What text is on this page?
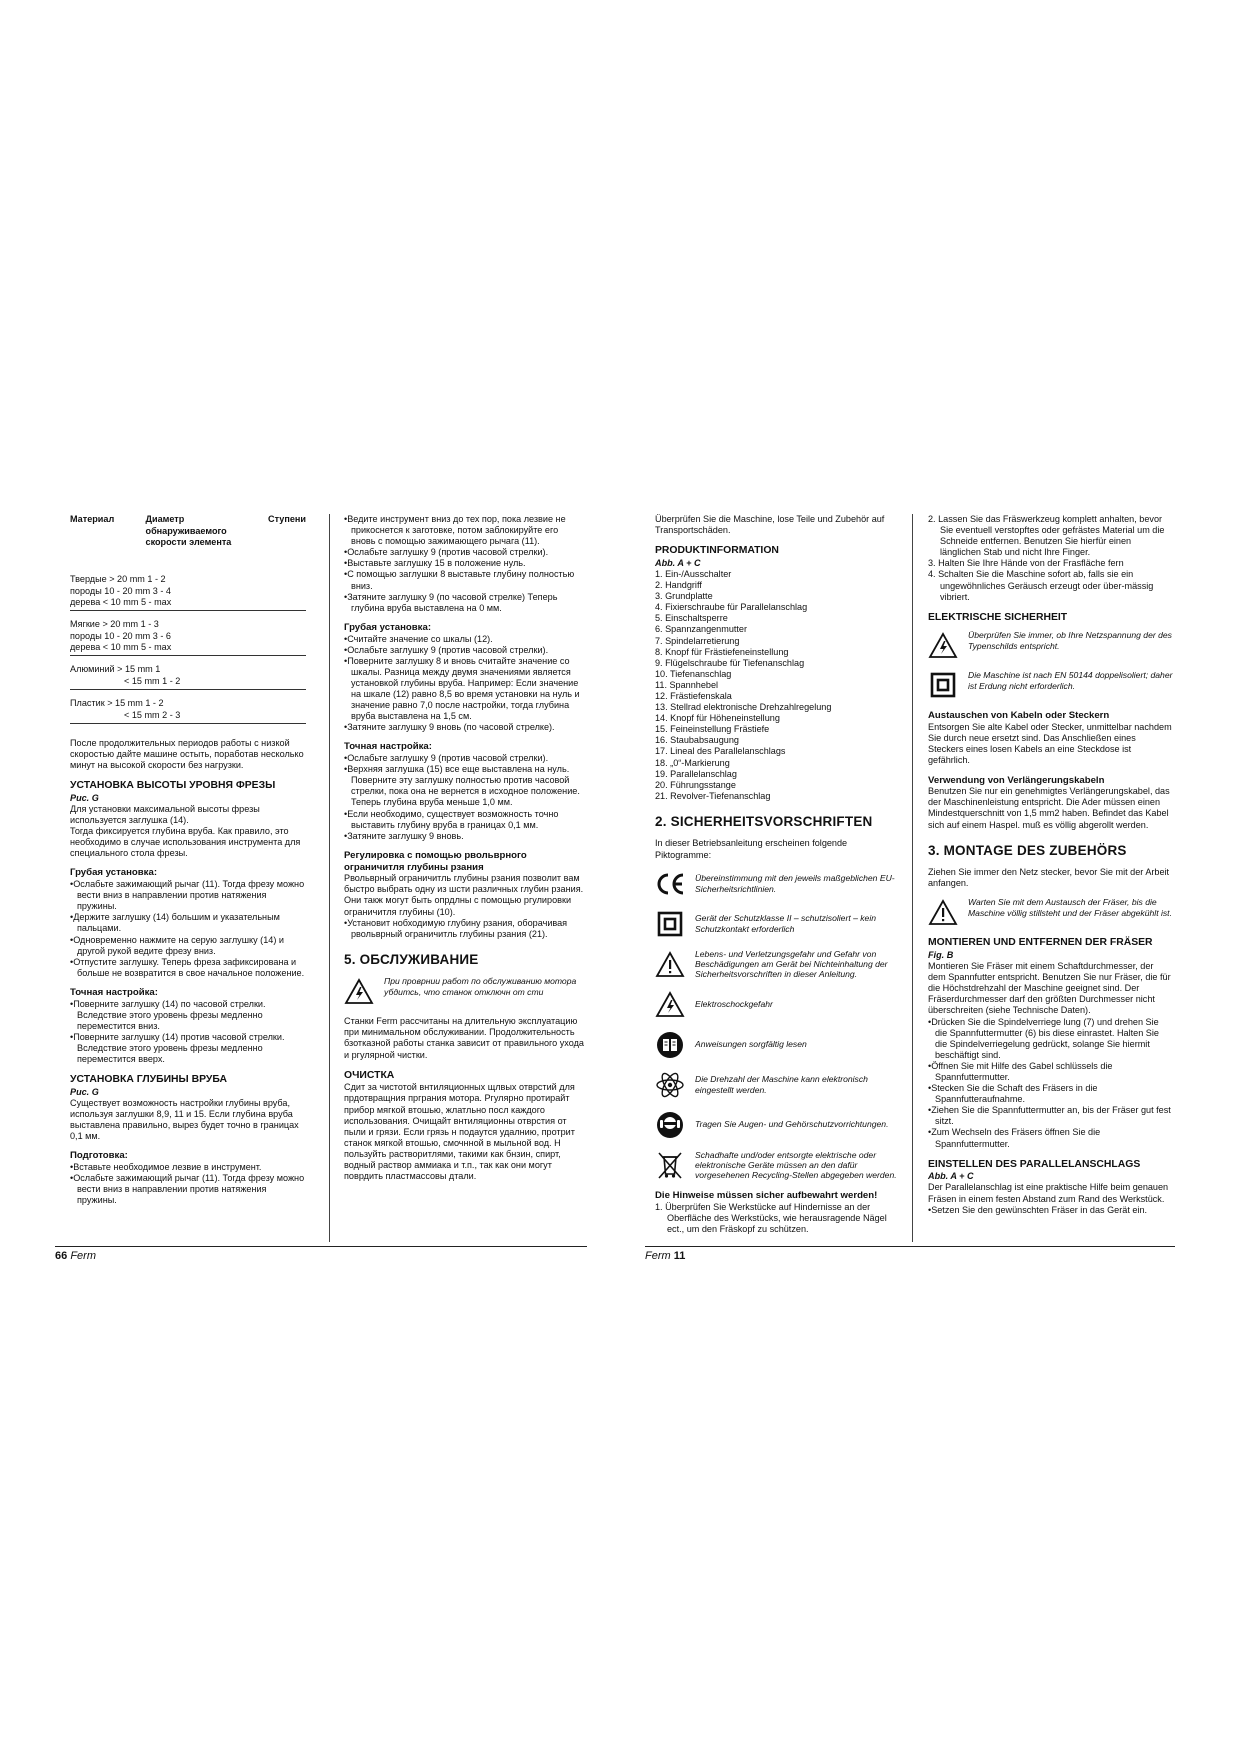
Материал	Диаметр

обнаруживаемого скорости элемента
	Ступени
Твердые > 20 mm 1 - 2
породы 10 - 20 mm 3 - 4
дерева < 10 mm 5 - max
Мягкие > 20 mm 1 - 3
породы 10 - 20 mm 3 - 6
дерева < 10 mm 5 - max
Алюминий > 15 mm 1
< 15 mm 1 - 2
Пластик > 15 mm 1 - 2
< 15 mm 2 - 3

После продолжительных периодов работы с низкой скоростью дайте машине остыть, поработав несколько минут на высокой скорости без нагрузки.

УСТАНОВКА ВЫСОТЫ УРОВНЯ ФРЕЗЫ
Рис. G
Для установки максимальной высоты фрезы используется заглушка (14).

Тогда фиксируется глубина вруба. Как правило, это необходимо в случае использования инструмента для специального стола фрезы.

Грубая установка:
• Ослабьте зажимающий рычаг (11). Тогда фрезу можно вести вниз в направлении против натяжения пружины.
• Держите заглушку (14) большим и указательным пальцами.
• Одновременно нажмите на серую заглушку (14) и другой рукой ведите фрезу вниз.
• Отпустите заглушку. Теперь фреза зафиксирована и больше не возвратится в свое начальное положение.
Точная настройка:
• Поверните заглушку (14) по часовой стрелки. Вследствие этого уровень фрезы медленно переместится вниз.
• Поверните заглушку (14) против часовой стрелки. Вследствие этого уровень фрезы медленно переместится вверх.
УСТАНОВКА ГЛУБИНЫ ВРУБА
Рис. G

Существует возможность настройки глубины вруба, используя заглушки 8,9, 11 и 15. Если глубина вруба выставлена правильно, вырез будет точно в границах 0,1 мм.

Подготовка:
• Вставьте необходимое лезвие в инструмент.
• Ослабьте зажимающий рычаг (11). Тогда фрезу можно вести вниз в направлении против натяжения пружины.
• Ведите инструмент вниз до тех пор, пока лезвие не прикоснется к заготовке, потом заблокируйте его вновь с помощью зажимающего рычага (11).
• Ослабьте заглушку 9 (против часовой стрелки).
• Выставьте заглушку 15 в положение нуль.
• С помощью заглушки 8 выставьте глубину полностью вниз.
• Затяните заглушку 9 (по часовой стрелке) Теперь глубина вруба выставлена на 0 мм.
Грубая установка:
• Считайте значение со шкалы (12).
• Ослабьте заглушку 9 (против часовой стрелки).
• Поверните заглушку 8 и вновь считайте значение со шкалы. Разница между двумя значениями является установкой глубины вруба. Например: Если значение на шкале (12) равно 8,5 во время установки на нуль и значение равно 7,0 после настройки, тогда глубина вруба выставлена на 1,5 см.
• Затяните заглушку 9 вновь (по часовой стрелке).
Точная настройка:
• Ослабьте заглушку 9 (против часовой стрелки).
• Верхняя заглушка (15) все еще выставлена на нуль. Поверните эту заглушку полностью против часовой стрелки, пока она не вернется в исходное положение. Теперь глубина вруба меньше 1,0 мм.
• Если необходимо, существует возможность точно выставить глубину вруба в границах 0,1 мм.
• Затяните заглушку 9 вновь.
Регулировка с помощью рвольврного ограничитля глубины рзания
Рвольврный ограничитль глубины рзания позволит вам быстро выбрать одну из шсти различных глубин рзания. Они такж могут быть опрдлны с помощью ргулировки ограничитля глубины (10).
• Установит нобходимую глубину рзания, оборачивая рвольврный ограничитль глубины рзания (21).
5. ОБСЛУЖИВАНИЕ
При проврнии работ по обслуживанию мотора убдитсь, что станок отключн от сти

Станки Ferm рассчитаны на длительную эксплуатацию при минимальном обслуживании. Продолжительность бзотказной работы станка зависит от правильного ухода и ргулярной чистки.

ОЧИСТКА

Сдит за чистотой внтиляционных щлвых отврстий для прдотвращния прграния мотора. Ргулярно протирайт прибор мягкой втошью, жлатльно посл каждого использования. Очищайт внтиляционны отврстия от пыли и грязи. Если грязь н подаутся удалнию, протрит станок мягкой втошью, смочнной в мыльной вод. Н пользуйть растворитлями, такими как бнзин, спирт, водный раствор аммиака и т.п., так как они могут поврдить пластмассовы дтали.

66 Ferm

Überprüfen Sie die Maschine, lose Teile und Zubehör auf Transportschäden.

PRODUKTINFORMATION
Abb. A + C
1. Ein-/Ausschalter
2. Handgriff
3. Grundplatte
4. Fixierschraube für Parallelanschlag
5. Einschaltsperre
6. Spannzangenmutter
7. Spindelarretierung
8. Knopf für Frästiefeneinstellung
9. Flügelschraube für Tiefenanschlag
10. Tiefenanschlag
11. Spannhebel
12. Frästiefenskala
13. Stellrad elektronische Drehzahlregelung
14. Knopf für Höheneinstellung
15. Feineinstellung Frästiefe
16. Staubabsaugung
17. Lineal des Parallelanschlags
18. „0“-Markierung
19. Parallelanschlag
20. Führungsstange
21. Revolver-Tiefenanschlag
2. SICHERHEITSVORSCHRIFTEN

In dieser Betriebsanleitung erscheinen folgende Piktogramme:

Übereinstimmung mit den jeweils maßgeblichen EU-Sicherheitsrichtlinien.
Gerät der Schutzklasse II – schutzisoliert – kein Schutzkontakt erforderlich
Lebens- und Verletzungsgefahr und Gefahr von Beschädigungen am Gerät bei Nichteinhaltung der Sicherheitsvorschriften in dieser Anleitung.
Elektroschockgefahr
Anweisungen sorgfältig lesen
Die Drehzahl der Maschine kann elektronisch eingestellt werden.
Tragen Sie Augen- und Gehörschutzvorrichtungen.
Schadhafte und/oder entsorgte elektrische oder elektronische Geräte müssen an den dafür vorgesehenen Recycling-Stellen abgegeben werden.
Die Hinweise müssen sicher aufbewahrt werden!
1. Überprüfen Sie Werkstücke auf Hindernisse an der Oberfläche des Werkstücks, wie herausragende Nägel ect., um den Fräskopf zu schützen.
2. Lassen Sie das Fräswerkzeug komplett anhalten, bevor Sie eventuell verstopftes oder gefrästes Material um die Schneide entfernen. Benutzen Sie hierfür einen länglichen Stab und nicht Ihre Finger.
3. Halten Sie Ihre Hände von der Frasfläche fern
4. Schalten Sie die Maschine sofort ab, falls sie ein ungewöhnliches Geräusch erzeugt oder über-mässig vibriert.
ELEKTRISCHE SICHERHEIT
Überprüfen Sie immer, ob Ihre Netzspannung der des Typenschilds entspricht.
Die Maschine ist nach EN 50144 doppelisoliert; daher ist Erdung nicht erforderlich.
Austauschen von Kabeln oder Steckern

Entsorgen Sie alte Kabel oder Stecker, unmittelbar nachdem Sie durch neue ersetzt sind. Das Anschließen eines Steckers eines losen Kabels an eine Steckdose ist gefährlich.

Verwendung von Verlängerungskabeln

Benutzen Sie nur ein genehmigtes Verlängerungskabel, das der Maschinenleistung entspricht. Die Ader müssen einen Mindestquerschnitt von 1,5 mm2 haben. Befindet das Kabel sich auf einem Haspel. muß es völlig abgerollt werden.

3. MONTAGE DES ZUBEHÖRS

Ziehen Sie immer den Netz stecker, bevor Sie mit der Arbeit anfangen.

Warten Sie mit dem Austausch der Fräser, bis die Maschine völlig stillsteht und der Fräser abgekühlt ist.
MONTIEREN UND ENTFERNEN DER FRÄSER
Fig. B
Montieren Sie Fräser mit einem Schaftdurchmesser, der dem Spannfutter entspricht. Benutzen Sie nur Fräser, die für die Höchstdrehzahl der Maschine geeignet sind. Der Fräserdurchmesser darf den größten Durchmesser nicht überschreiten (siehe Technische Daten).
• Drücken Sie die Spindelverriege lung (7) und drehen Sie die Spannfuttermutter (6) bis diese einrastet. Halten Sie die Spindelverriegelung gedrückt, solange Sie hiermit beschäftigt sind.
• Öffnen Sie mit Hilfe des Gabel schlüssels die Spannfuttermutter.
• Stecken Sie die Schaft des Fräsers in die Spannfutteraufnahme.
• Ziehen Sie die Spannfuttermutter an, bis der Fräser gut fest sitzt.
• Zum Wechseln des Fräsers öffnen Sie die Spannfuttermutter.
EINSTELLEN DES PARALLELANSCHLAGS
Abb. A + C
Der Parallelanschlag ist eine praktische Hilfe beim genauen Fräsen in einem festen Abstand zum Rand des Werkstück.
• Setzen Sie den gewünschten Fräser in das Gerät ein.
Ferm 11
